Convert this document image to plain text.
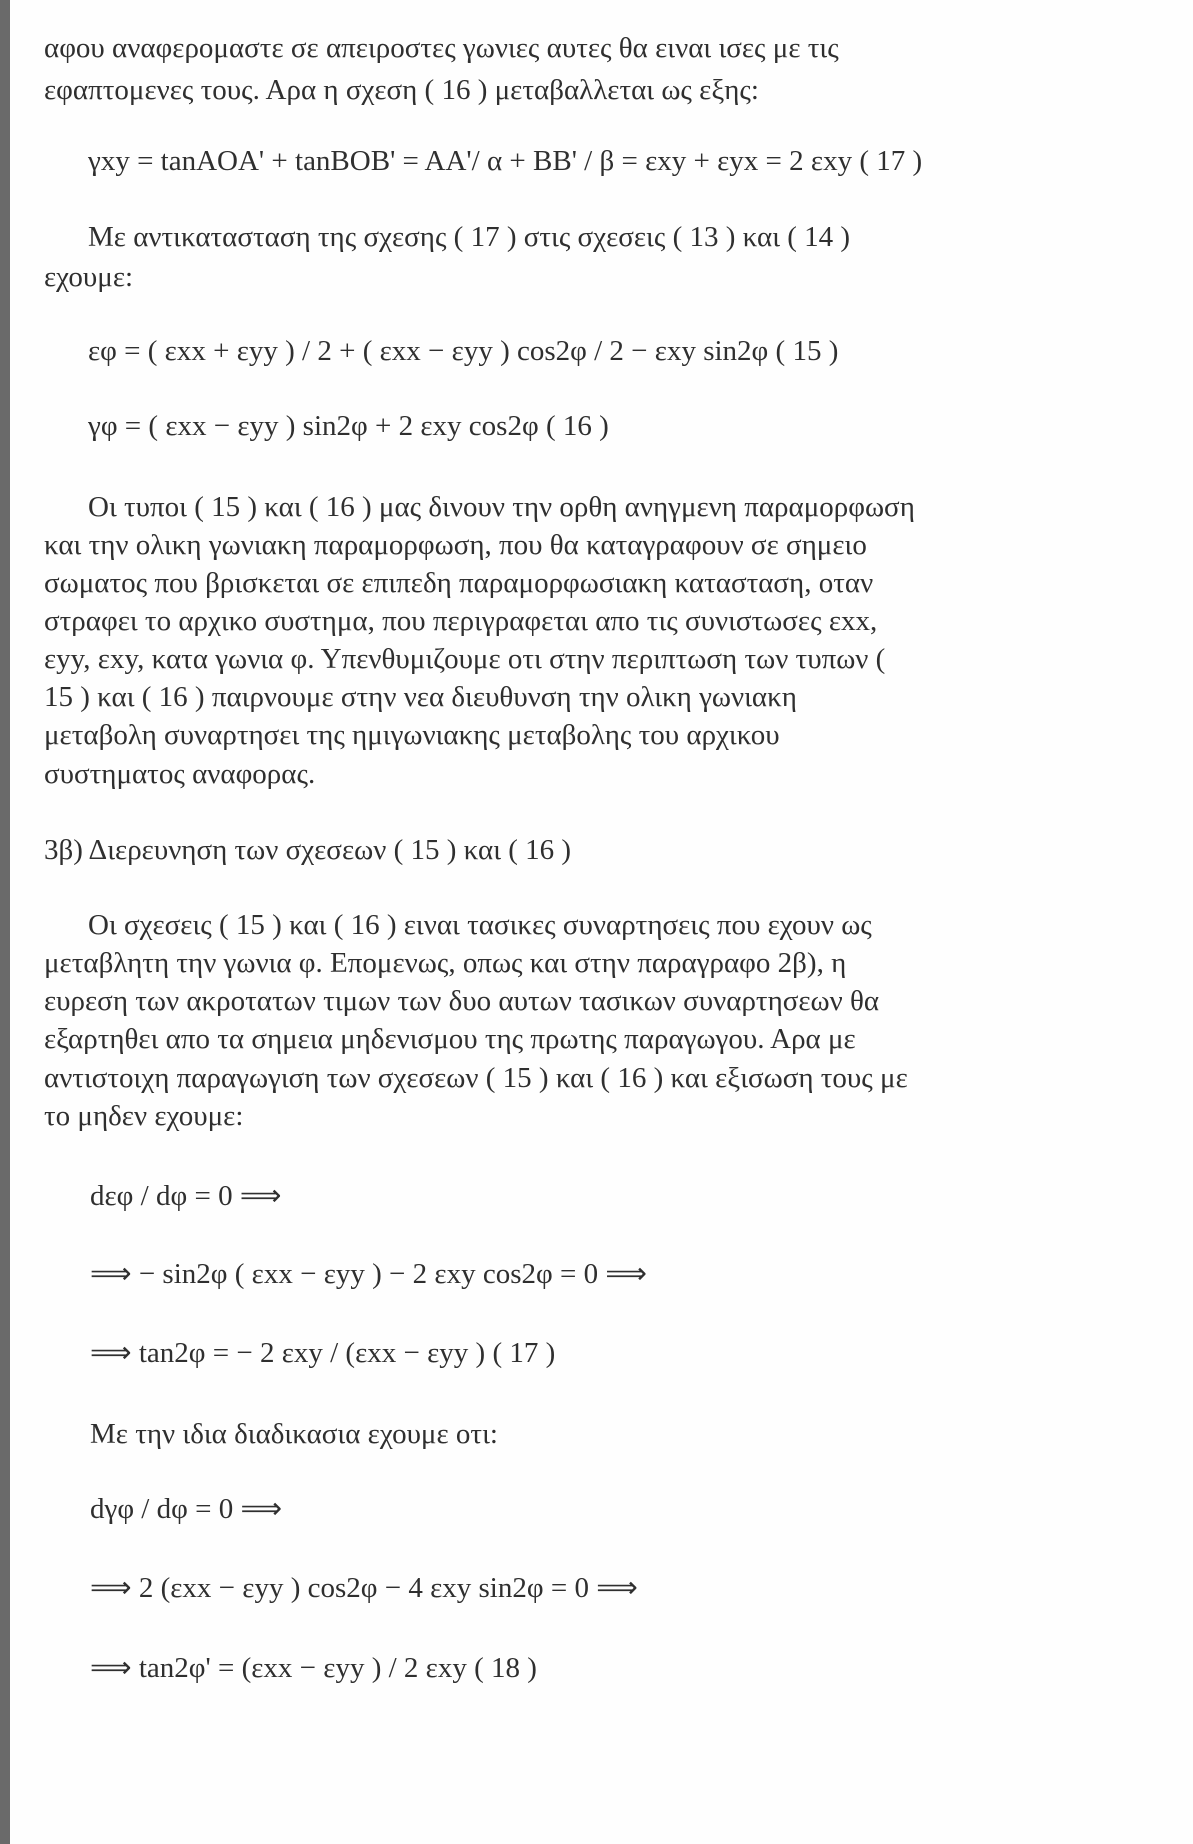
αφου αναφερομαστε σε απειροστες γωνιες αυτες θα ειναι ισες με τις
εφαπτομενες τους. Αρα η σχεση ( 16 ) μεταβαλλεται ως εξης:
γxy = tanAOA' + tanBOB' = AA'/ α + BB' / β = εxy + εyx = 2 εxy ( 17 )
Με αντικατασταση της σχεσης ( 17 ) στις σχεσεις ( 13 ) και ( 14 )
εχουμε:
εφ = ( εxx + εyy ) / 2 + ( εxx − εyy ) cos2φ / 2 − εxy sin2φ ( 15 )
γφ = ( εxx − εyy ) sin2φ + 2 εxy cos2φ ( 16 )
Οι τυποι ( 15 ) και ( 16 ) μας δινουν την ορθη ανηγμενη παραμορφωση
και την ολικη γωνιακη παραμορφωση, που θα καταγραφουν σε σημειο
σωματος που βρισκεται σε επιπεδη παραμορφωσιακη κατασταση, οταν
στραφει το αρχικο συστημα, που περιγραφεται απο τις συνιστωσες εxx,
εyy, εxy, κατα γωνια φ. Υπενθυμιζουμε οτι στην περιπτωση των τυπων (
15 ) και ( 16 ) παιρνουμε στην νεα διευθυνση την ολικη γωνιακη
μεταβολη συναρτησει της ημιγωνιακης μεταβολης του αρχικου
συστηματος αναφορας.
3β) Διερευνηση των σχεσεων ( 15 ) και ( 16 )
Οι σχεσεις ( 15 ) και ( 16 ) ειναι τασικες συναρτησεις που εχουν ως
μεταβλητη την γωνια φ. Επομενως, οπως και στην παραγραφο 2β), η
ευρεση των ακροτατων τιμων των δυο αυτων τασικων συναρτησεων θα
εξαρτηθει απο τα σημεια μηδενισμου της πρωτης παραγωγου. Αρα με
αντιστοιχη παραγωγιση των σχεσεων ( 15 ) και ( 16 ) και εξισωση τους με
το μηδεν εχουμε:
dεφ / dφ = 0 ⟹
⟹ − sin2φ ( εxx − εyy ) − 2 εxy cos2φ = 0 ⟹
⟹ tan2φ = − 2 εxy / (εxx − εyy ) ( 17 )
Με την ιδια διαδικασια εχουμε οτι:
dγφ / dφ = 0 ⟹
⟹ 2 (εxx − εyy ) cos2φ − 4 εxy sin2φ = 0 ⟹
⟹ tan2φ' = (εxx − εyy ) / 2 εxy ( 18 )
